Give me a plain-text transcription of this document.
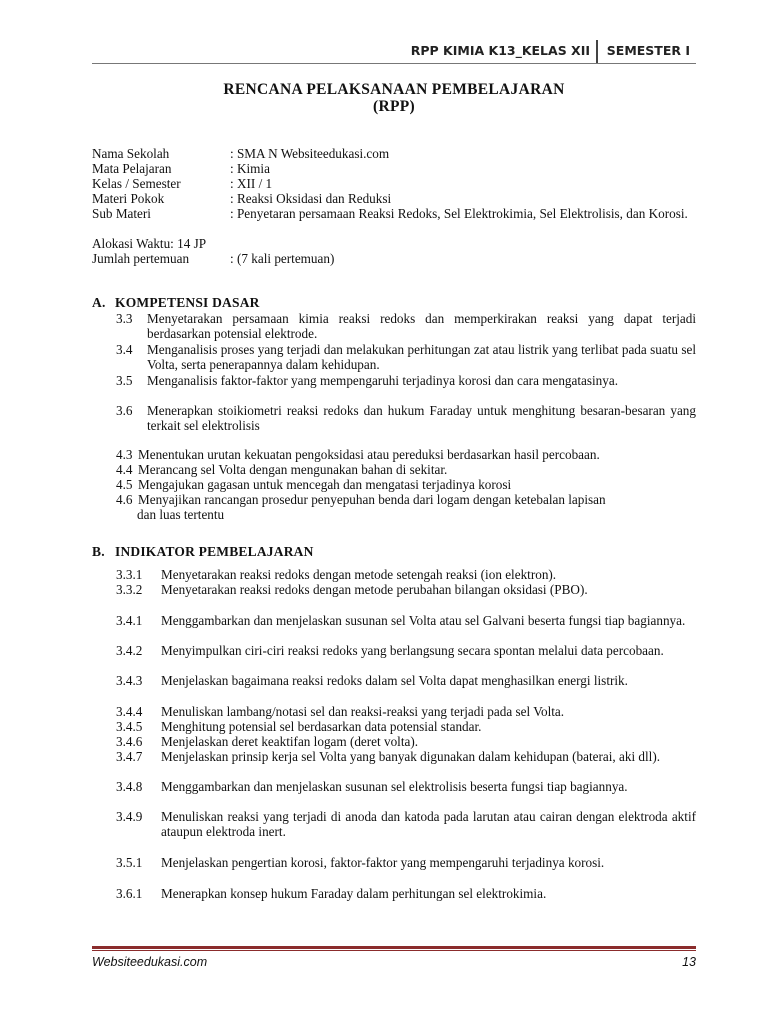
RPP KIMIA K13_KELAS XII SEMESTER I
RENCANA PELAKSANAAN PEMBELAJARAN
(RPP)
Nama Sekolah	: SMA N Websiteedukasi.com
Mata Pelajaran	: Kimia
Kelas / Semester	: XII / 1
Materi Pokok	: Reaksi Oksidasi dan Reduksi
Sub Materi	: Penyetaran persamaan Reaksi Redoks, Sel Elektrokimia, Sel Elektrolisis, dan Korosi.
Alokasi Waktu: 14 JP
Jumlah pertemuan	: (7 kali pertemuan)
A. KOMPETENSI DASAR
3.3 Menyetarakan persamaan kimia reaksi redoks dan memperkirakan reaksi yang dapat terjadi berdasarkan potensial elektrode.
3.4 Menganalisis proses yang terjadi dan melakukan perhitungan zat atau listrik yang terlibat pada suatu sel Volta, serta penerapannya dalam kehidupan.
3.5 Menganalisis faktor-faktor yang mempengaruhi terjadinya korosi dan cara mengatasinya.
3.6 Menerapkan stoikiometri reaksi redoks dan hukum Faraday untuk menghitung besaran-besaran yang terkait sel elektrolisis
4.3 Menentukan urutan kekuatan pengoksidasi atau pereduksi berdasarkan hasil percobaan.
4.4 Merancang sel Volta dengan mengunakan bahan di sekitar.
4.5 Mengajukan gagasan untuk mencegah dan mengatasi terjadinya korosi
4.6 Menyajikan rancangan prosedur penyepuhan benda dari logam dengan ketebalan lapisan
dan luas tertentu
B. INDIKATOR PEMBELAJARAN
3.3.1 Menyetarakan reaksi redoks dengan metode setengah reaksi (ion elektron).
3.3.2 Menyetarakan reaksi redoks dengan metode perubahan bilangan oksidasi (PBO).
3.4.1 Menggambarkan dan menjelaskan susunan sel Volta atau sel Galvani beserta fungsi tiap bagiannya.
3.4.2 Menyimpulkan ciri-ciri reaksi redoks yang berlangsung secara spontan melalui data percobaan.
3.4.3 Menjelaskan bagaimana reaksi redoks dalam sel Volta dapat menghasilkan energi listrik.
3.4.4 Menuliskan lambang/notasi sel dan reaksi-reaksi yang terjadi pada sel Volta.
3.4.5 Menghitung potensial sel berdasarkan data potensial standar.
3.4.6 Menjelaskan deret keaktifan logam (deret volta).
3.4.7 Menjelaskan prinsip kerja sel Volta yang banyak digunakan dalam kehidupan (baterai, aki dll).
3.4.8 Menggambarkan dan menjelaskan susunan sel elektrolisis beserta fungsi tiap bagiannya.
3.4.9 Menuliskan reaksi yang terjadi di anoda dan katoda pada larutan atau cairan dengan elektroda aktif ataupun elektroda inert.
3.5.1 Menjelaskan pengertian korosi, faktor-faktor yang mempengaruhi terjadinya korosi.
3.6.1 Menerapkan konsep hukum Faraday dalam perhitungan sel elektrokimia.
Websiteedukasi.com	13
